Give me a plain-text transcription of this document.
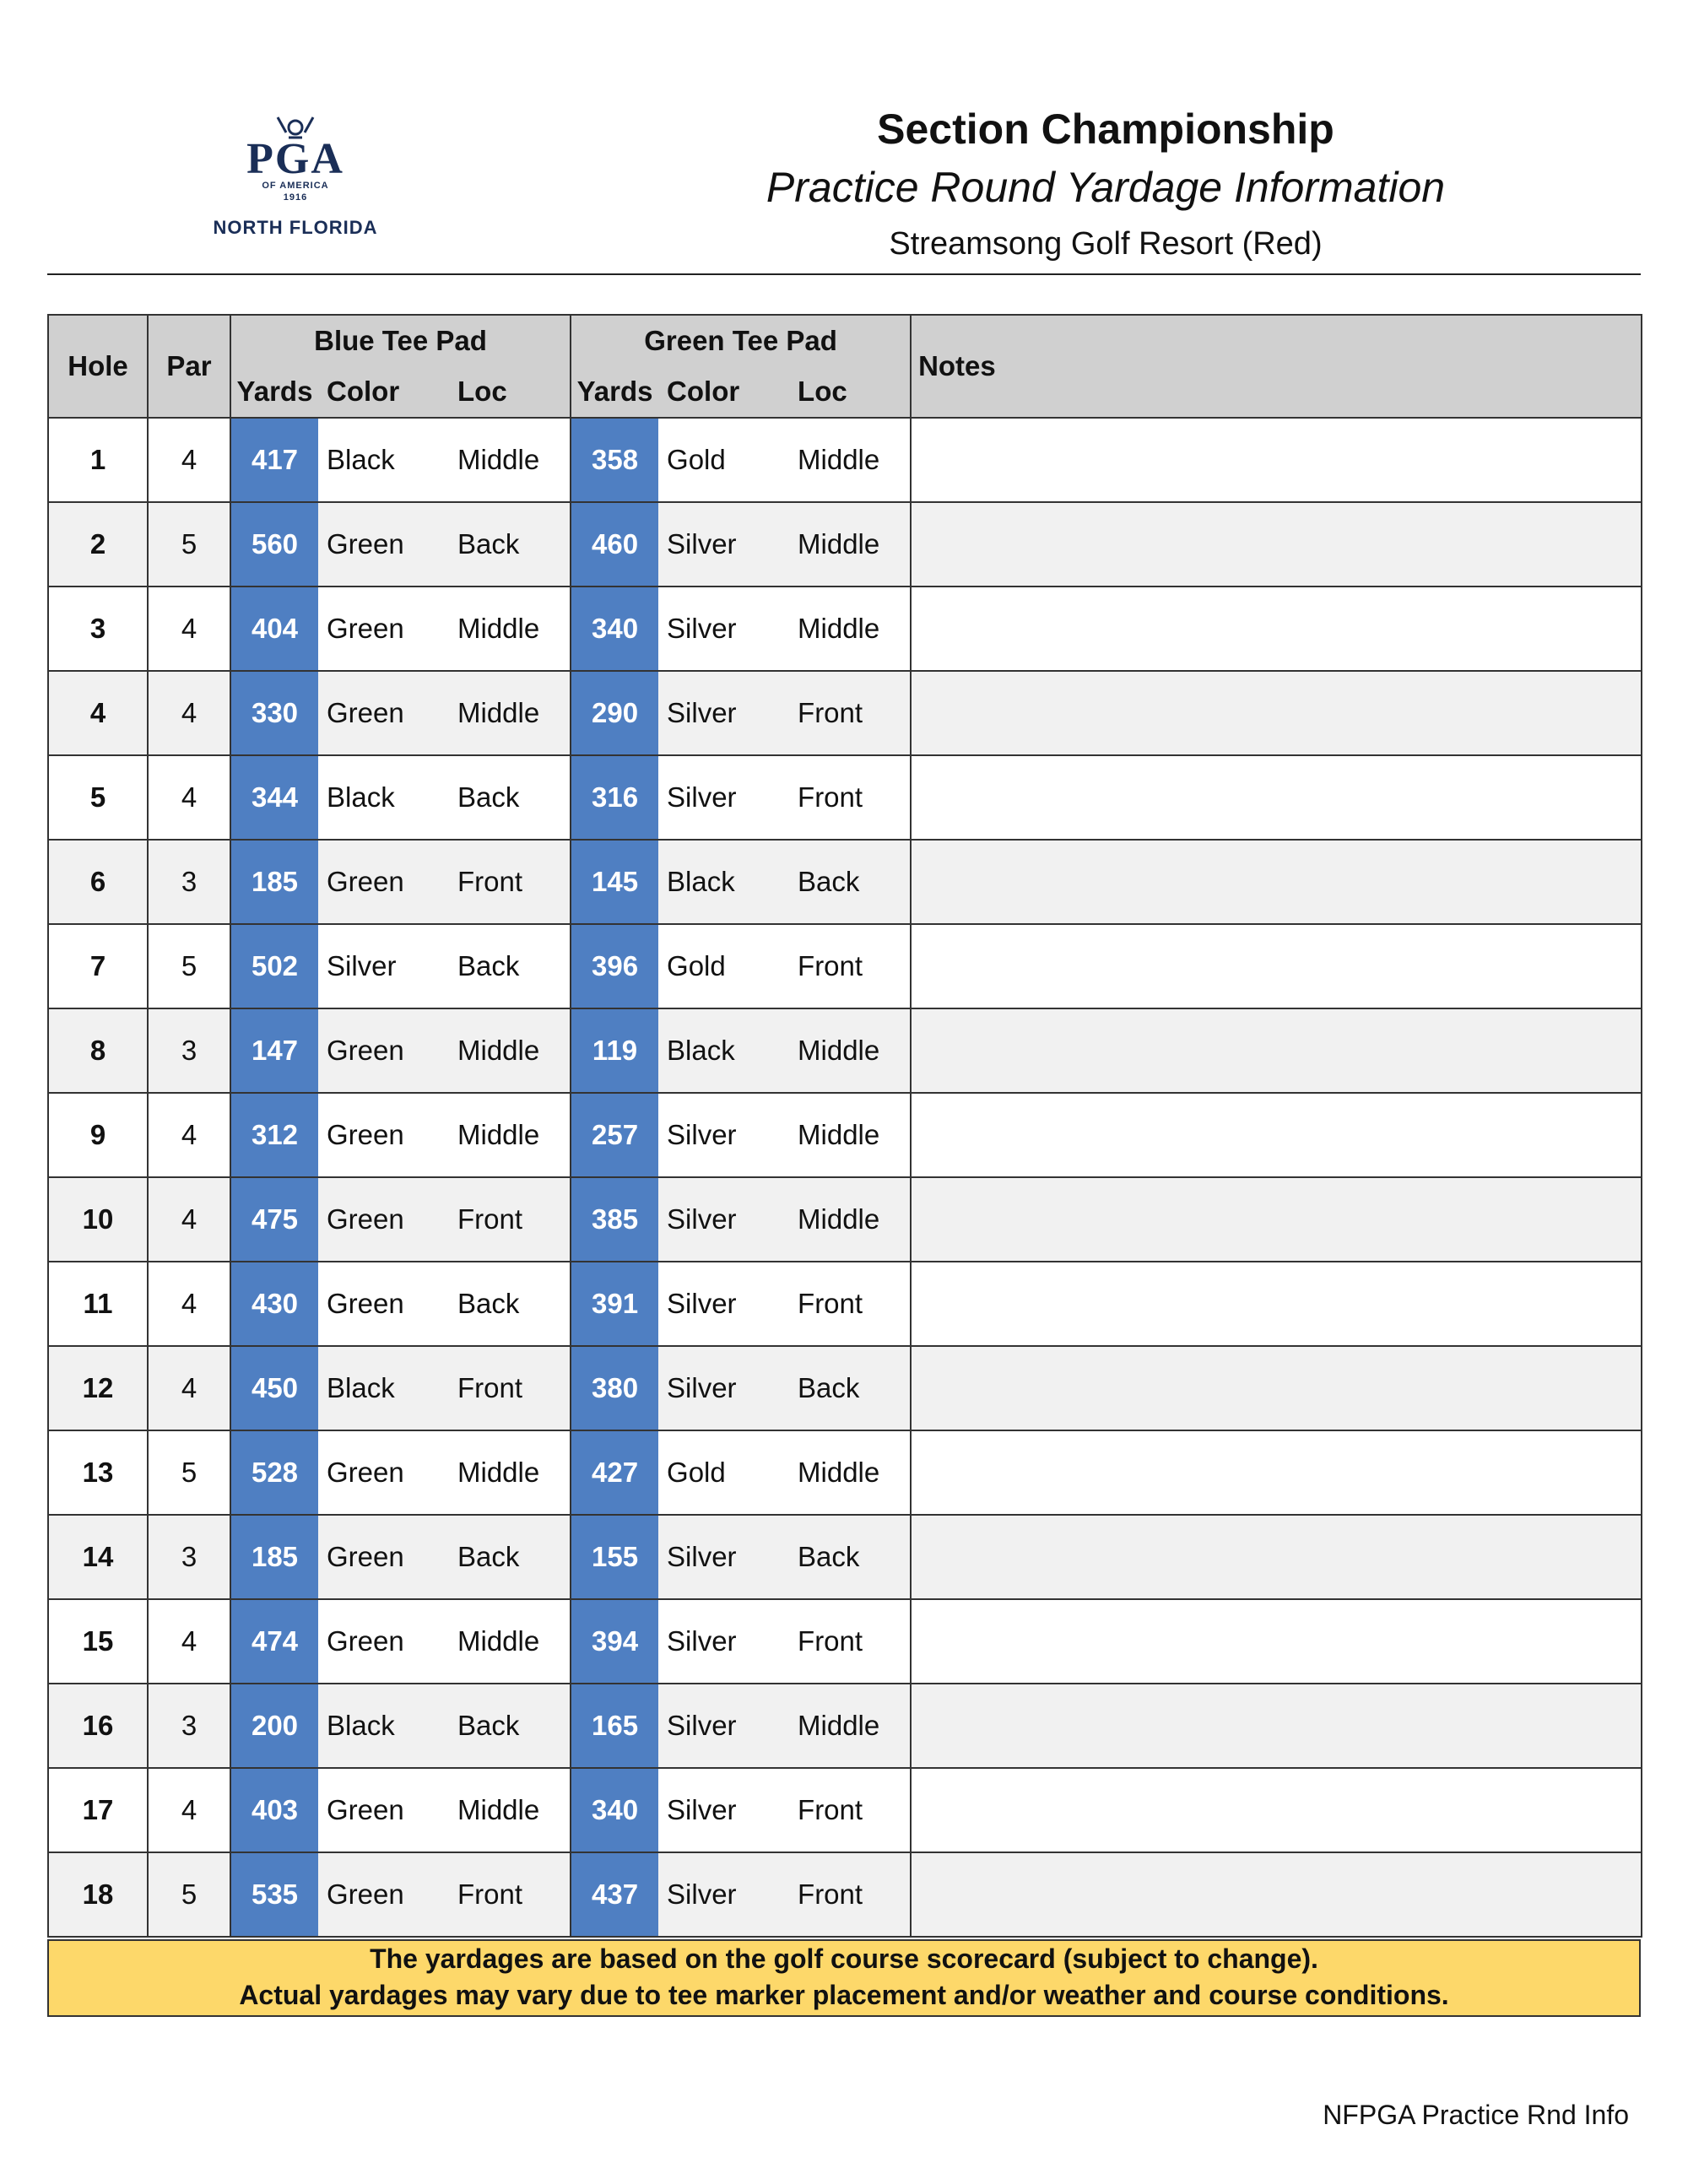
PGA
OF AMERICA
1916
NORTH FLORIDA
Section Championship
Practice Round Yardage Information
Streamsong Golf Resort (Red)
Hole	Par	Blue Tee Pad			Green Tee Pad			Notes
		Yards	Color	Loc	Yards	Color	Loc	
1	4	417	Black	Middle	358	Gold	Middle	
2	5	560	Green	Back	460	Silver	Middle	
3	4	404	Green	Middle	340	Silver	Middle	
4	4	330	Green	Middle	290	Silver	Front	
5	4	344	Black	Back	316	Silver	Front	
6	3	185	Green	Front	145	Black	Back	
7	5	502	Silver	Back	396	Gold	Front	
8	3	147	Green	Middle	119	Black	Middle	
9	4	312	Green	Middle	257	Silver	Middle	
10	4	475	Green	Front	385	Silver	Middle	
11	4	430	Green	Back	391	Silver	Front	
12	4	450	Black	Front	380	Silver	Back	
13	5	528	Green	Middle	427	Gold	Middle	
14	3	185	Green	Back	155	Silver	Back	
15	4	474	Green	Middle	394	Silver	Front	
16	3	200	Black	Back	165	Silver	Middle	
17	4	403	Green	Middle	340	Silver	Front	
18	5	535	Green	Front	437	Silver	Front	
The yardages are based on the golf course scorecard (subject to change).
Actual yardages may vary due to tee marker placement and/or weather and course conditions.
NFPGA Practice Rnd Info
